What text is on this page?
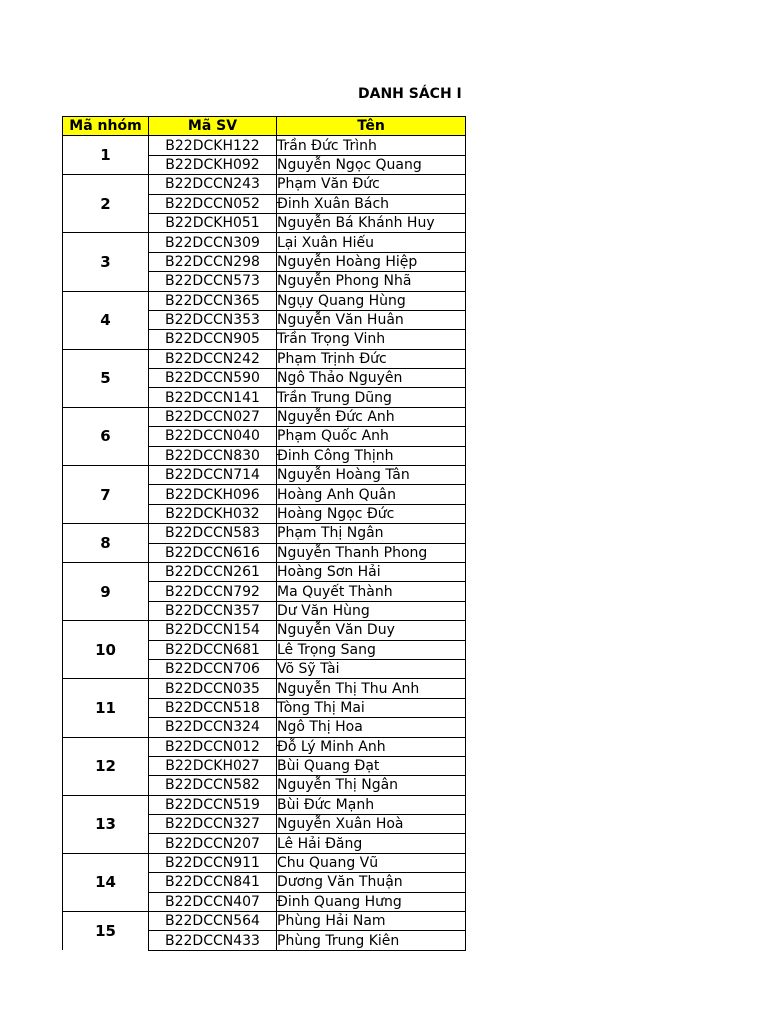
DANH SÁCH I
Mã nhóm	Mã SV	Tên
1	B22DCKH122	Trần Đức Trình
	B22DCKH092	Nguyễn Ngọc Quang
2	B22DCCN243	Phạm Văn Đức
	B22DCCN052	Đinh Xuân Bách
	B22DCKH051	Nguyễn Bá Khánh Huy
3	B22DCCN309	Lại Xuân Hiếu
	B22DCCN298	Nguyễn Hoàng Hiệp
	B22DCCN573	Nguyễn Phong Nhã
4	B22DCCN365	Ngụy Quang Hùng
	B22DCCN353	Nguyễn Văn Huân
	B22DCCN905	Trần Trọng Vinh
5	B22DCCN242	Phạm Trịnh Đức
	B22DCCN590	Ngô Thảo Nguyên
	B22DCCN141	Trần Trung Dũng
6	B22DCCN027	Nguyễn Đức Anh
	B22DCCN040	Phạm Quốc Anh
	B22DCCN830	Đinh Công Thịnh
7	B22DCCN714	Nguyễn Hoàng Tân
	B22DCKH096	Hoàng Anh Quân
	B22DCKH032	Hoàng Ngọc Đức
8	B22DCCN583	Phạm Thị Ngân
	B22DCCN616	Nguyễn Thanh Phong
9	B22DCCN261	Hoàng Sơn Hải
	B22DCCN792	Ma Quyết Thành
	B22DCCN357	Dư Văn Hùng
10	B22DCCN154	Nguyễn Văn Duy
	B22DCCN681	Lê Trọng Sang
	B22DCCN706	Võ Sỹ Tài
11	B22DCCN035	Nguyễn Thị Thu Anh
	B22DCCN518	Tòng Thị Mai
	B22DCCN324	Ngô Thị Hoa
12	B22DCCN012	Đỗ Lý Minh Anh
	B22DCKH027	Bùi Quang Đạt
	B22DCCN582	Nguyễn Thị Ngân
13	B22DCCN519	Bùi Đức Mạnh
	B22DCCN327	Nguyễn Xuân Hoà
	B22DCCN207	Lê Hải Đăng
14	B22DCCN911	Chu Quang Vũ
	B22DCCN841	Dương Văn Thuận
	B22DCCN407	Đinh Quang Hưng
15	B22DCCN564	Phùng Hải Nam
	B22DCCN433	Phùng Trung Kiên
